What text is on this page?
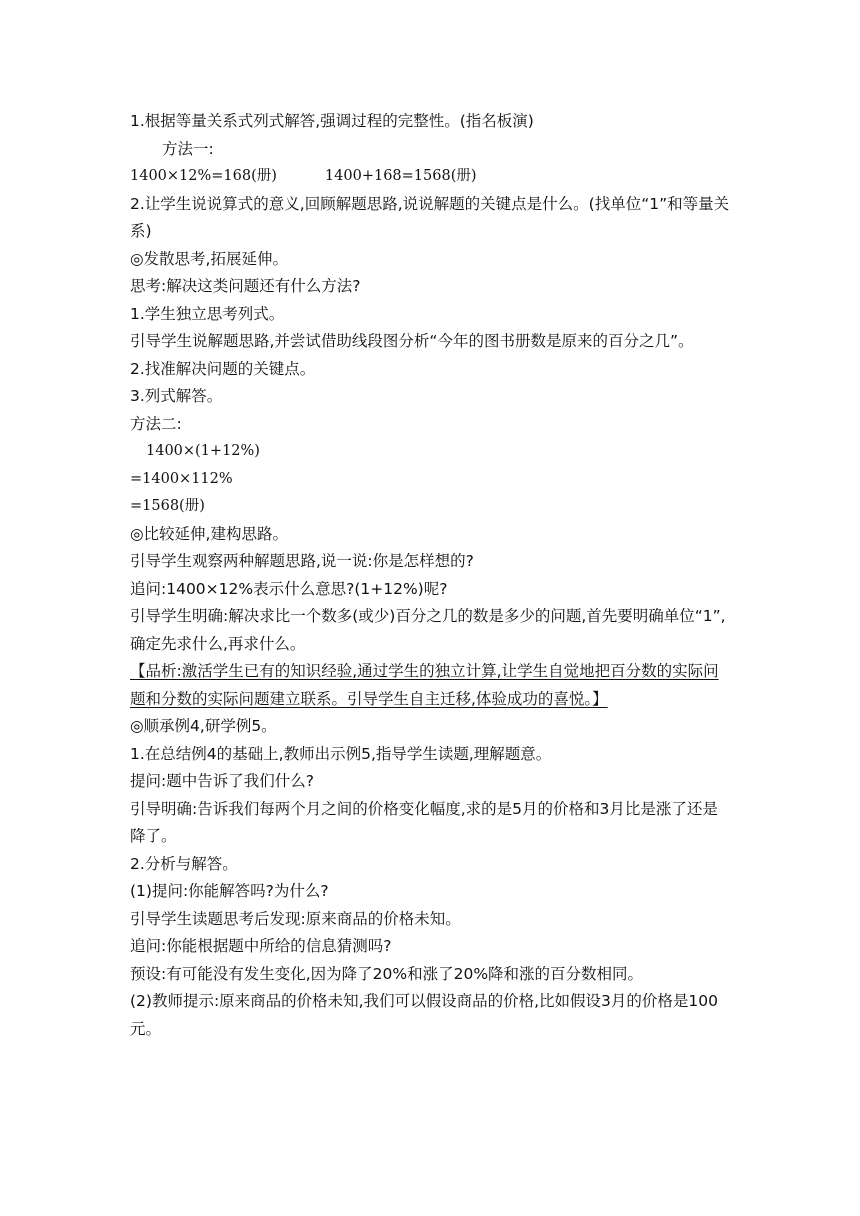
1.根据等量关系式列式解答,强调过程的完整性。(指名板演)
方法一:
1400×12%=168(册)	1400+168=1568(册)
2.让学生说说算式的意义,回顾解题思路,说说解题的关键点是什么。(找单位“1”和等量关系)
◎发散思考,拓展延伸。
思考:解决这类问题还有什么方法?
1.学生独立思考列式。
引导学生说解题思路,并尝试借助线段图分析“今年的图书册数是原来的百分之几”。
2.找准解决问题的关键点。
3.列式解答。
方法二:
1400×(1+12%)
=1400×112%
=1568(册)
◎比较延伸,建构思路。
引导学生观察两种解题思路,说一说:你是怎样想的?
追问:1400×12%表示什么意思?(1+12%)呢?
引导学生明确:解决求比一个数多(或少)百分之几的数是多少的问题,首先要明确单位“1”,确定先求什么,再求什么。
【品析:激活学生已有的知识经验,通过学生的独立计算,让学生自觉地把百分数的实际问题和分数的实际问题建立联系。引导学生自主迁移,体验成功的喜悦。】
◎顺承例4,研学例5。
1.在总结例4的基础上,教师出示例5,指导学生读题,理解题意。
提问:题中告诉了我们什么?
引导明确:告诉我们每两个月之间的价格变化幅度,求的是5月的价格和3月比是涨了还是降了。
2.分析与解答。
(1)提问:你能解答吗?为什么?
引导学生读题思考后发现:原来商品的价格未知。
追问:你能根据题中所给的信息猜测吗?
预设:有可能没有发生变化,因为降了20%和涨了20%降和涨的百分数相同。
(2)教师提示:原来商品的价格未知,我们可以假设商品的价格,比如假设3月的价格是100元。
